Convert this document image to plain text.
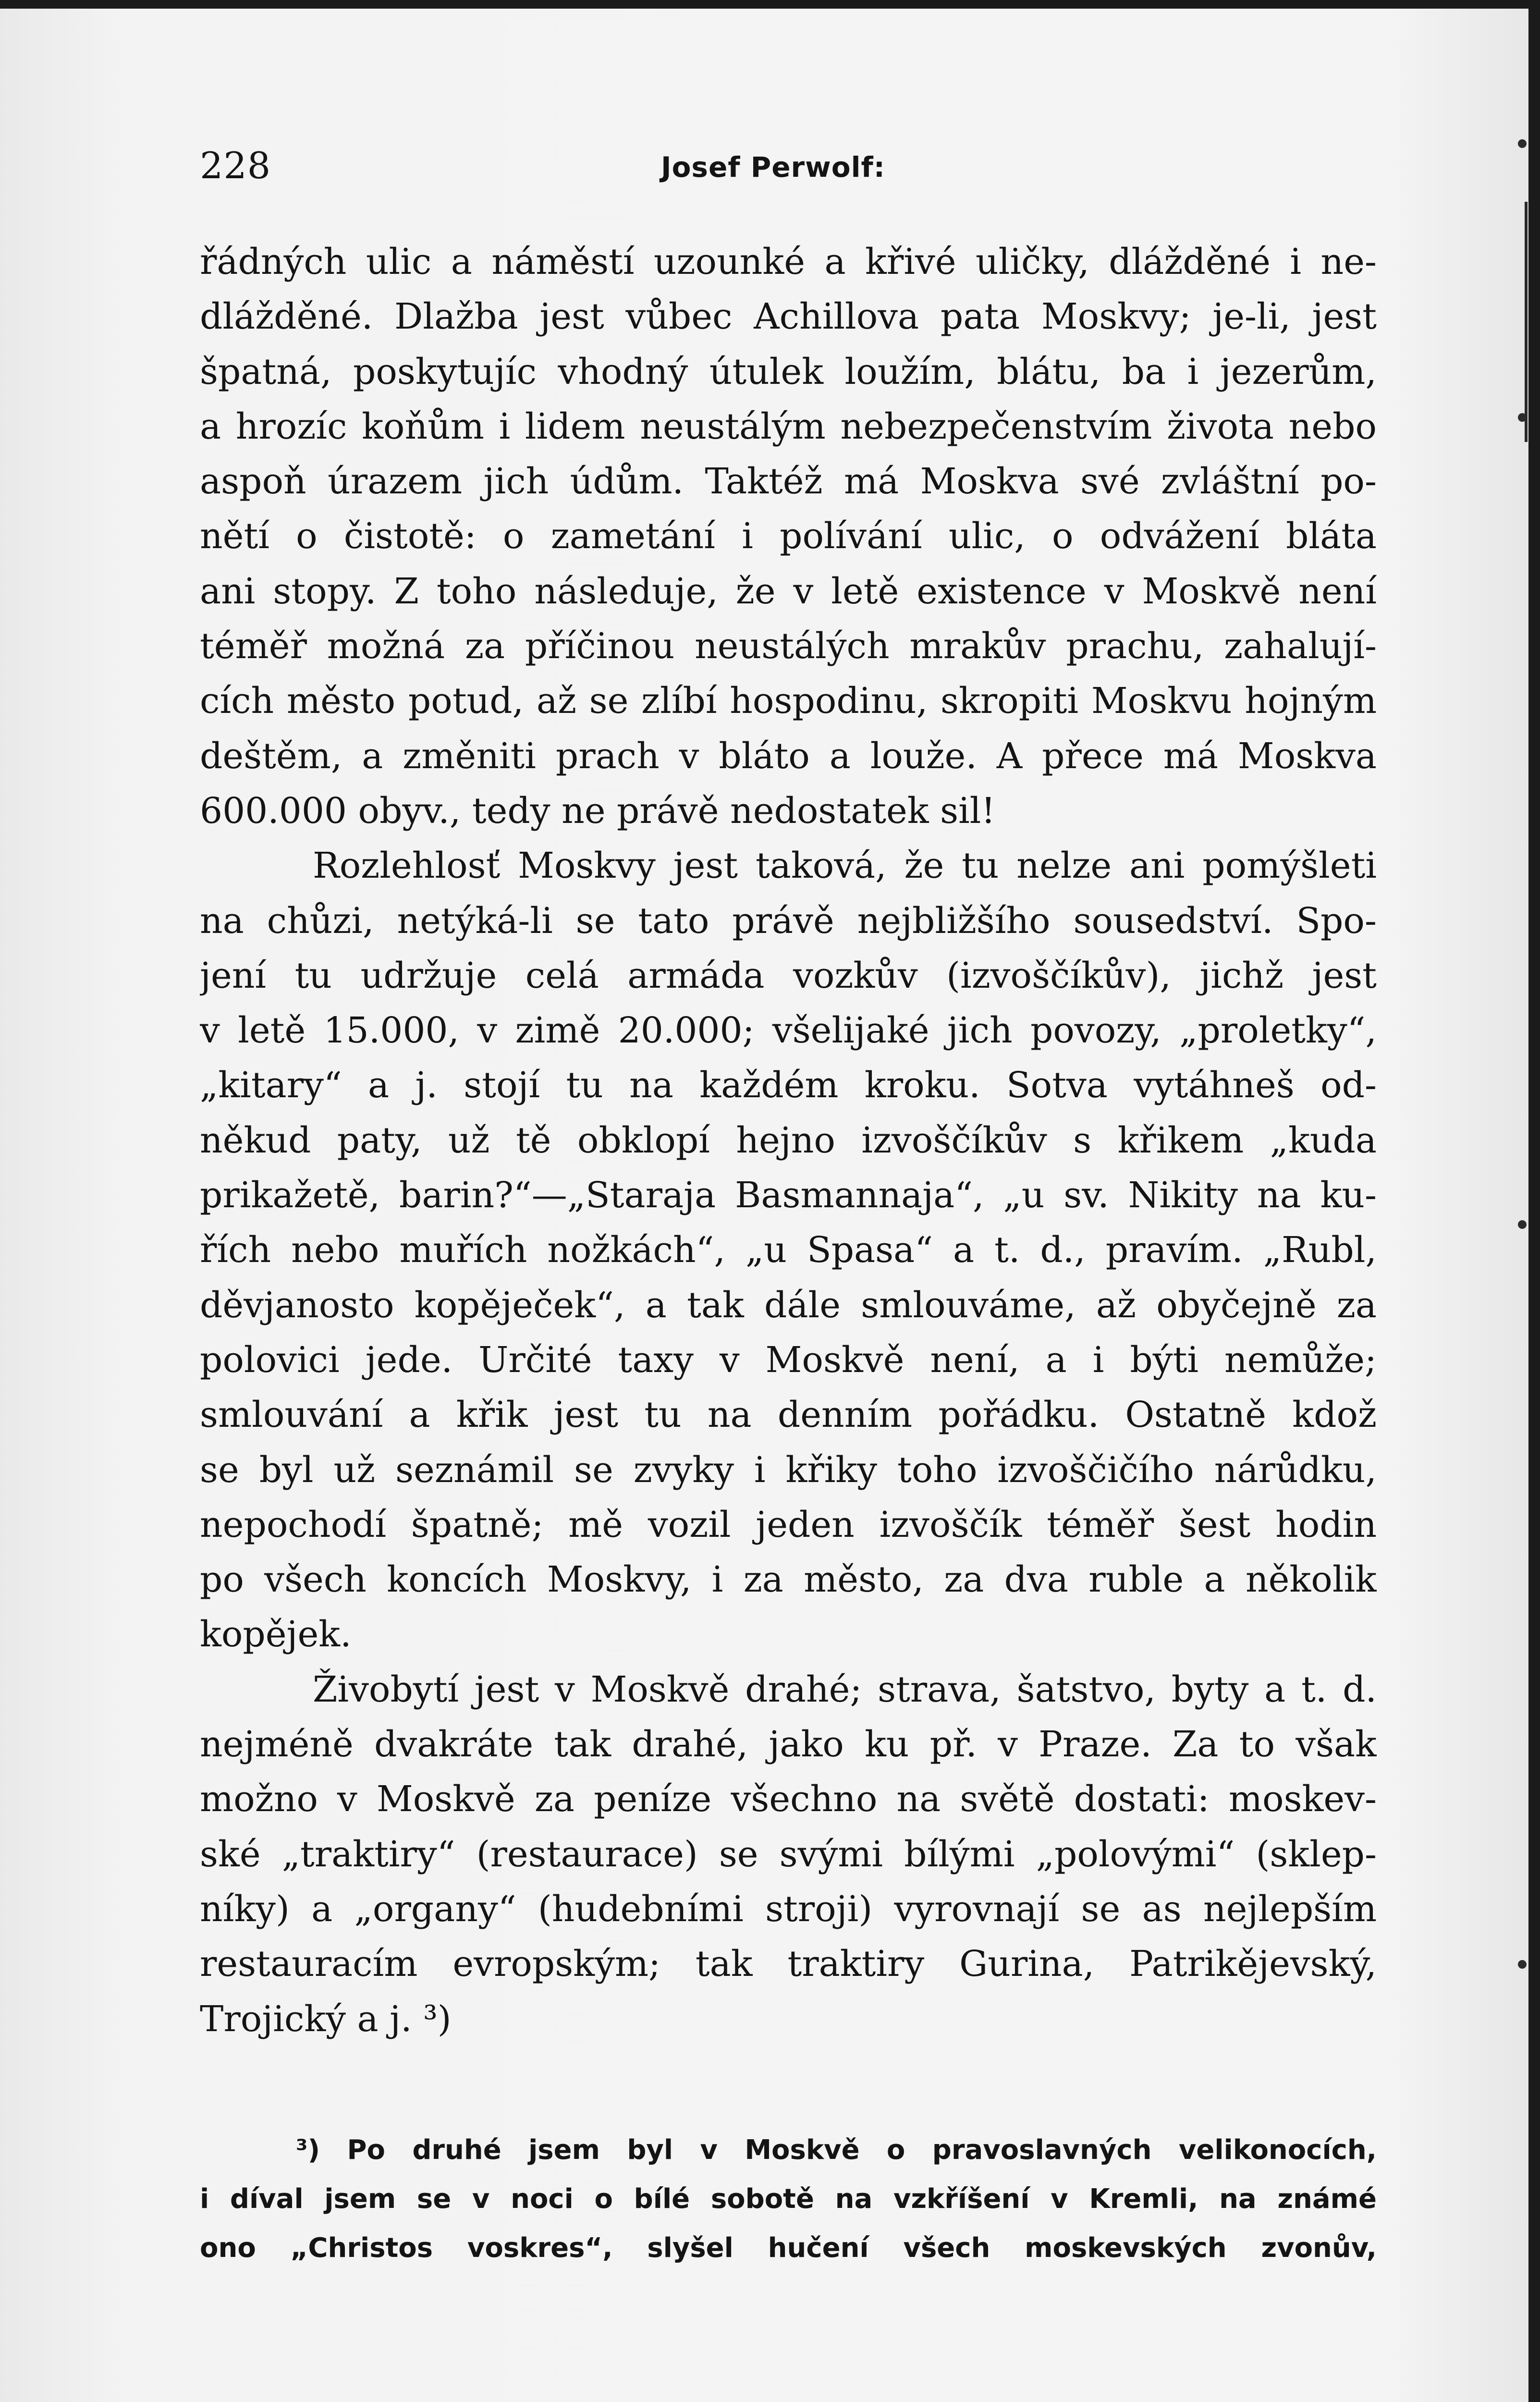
228	Josef Perwolf:
řádných ulic a náměstí uzounké a křivé uličky, dlážděné i ne-
dlážděné. Dlažba jest vůbec Achillova pata Moskvy; je-li, jest
špatná, poskytujíc vhodný útulek loužím, blátu, ba i jezerům,
a hrozíc koňům i lidem neustálým nebezpečenstvím života nebo
aspoň úrazem jich údům. Taktéž má Moskva své zvláštní po-
nětí o čistotě: o zametání i polívání ulic, o odvážení bláta
ani stopy. Z toho následuje, že v letě existence v Moskvě není
téměř možná za příčinou neustálých mrakův prachu, zahalují-
cích město potud, až se zlíbí hospodinu, skropiti Moskvu hojným
deštěm, a změniti prach v bláto a louže. A přece má Moskva
600.000 obyv., tedy ne právě nedostatek sil!
Rozlehlosť Moskvy jest taková, že tu nelze ani pomýšleti
na chůzi, netýká-li se tato právě nejbližšího sousedství. Spo-
jení tu udržuje celá armáda vozkův (izvoščíkův), jichž jest
v letě 15.000, v zimě 20.000; všelijaké jich povozy, „proletky“,
„kitary“ a j. stojí tu na každém kroku. Sotva vytáhneš od-
někud paty, už tě obklopí hejno izvoščíkův s křikem „kuda
prikažetě, barin?“—„Staraja Basmannaja“, „u sv. Nikity na ku-
řích nebo muřích nožkách“, „u Spasa“ a t. d., pravím. „Rubl,
děvjanosto kopěječek“, a tak dále smlouváme, až obyčejně za
polovici jede. Určité taxy v Moskvě není, a i býti nemůže;
smlouvání a křik jest tu na denním pořádku. Ostatně kdož
se byl už seznámil se zvyky i křiky toho izvoščičího nárůdku,
nepochodí špatně; mě vozil jeden izvoščík téměř šest hodin
po všech koncích Moskvy, i za město, za dva ruble a několik
kopějek.
Živobytí jest v Moskvě drahé; strava, šatstvo, byty a t. d.
nejméně dvakráte tak drahé, jako ku př. v Praze. Za to však
možno v Moskvě za peníze všechno na světě dostati: moskev-
ské „traktiry“ (restaurace) se svými bílými „polovými“ (sklep-
níky) a „organy“ (hudebními stroji) vyrovnají se as nejlepším
restauracím evropským; tak traktiry Gurina, Patrikějevský,
Trojický a j. ³)
³) Po druhé jsem byl v Moskvě o pravoslavných velikonocích,
i díval jsem se v noci o bílé sobotě na vzkříšení v Kremli, na známé
ono „Christos voskres“, slyšel hučení všech moskevských zvonův,
